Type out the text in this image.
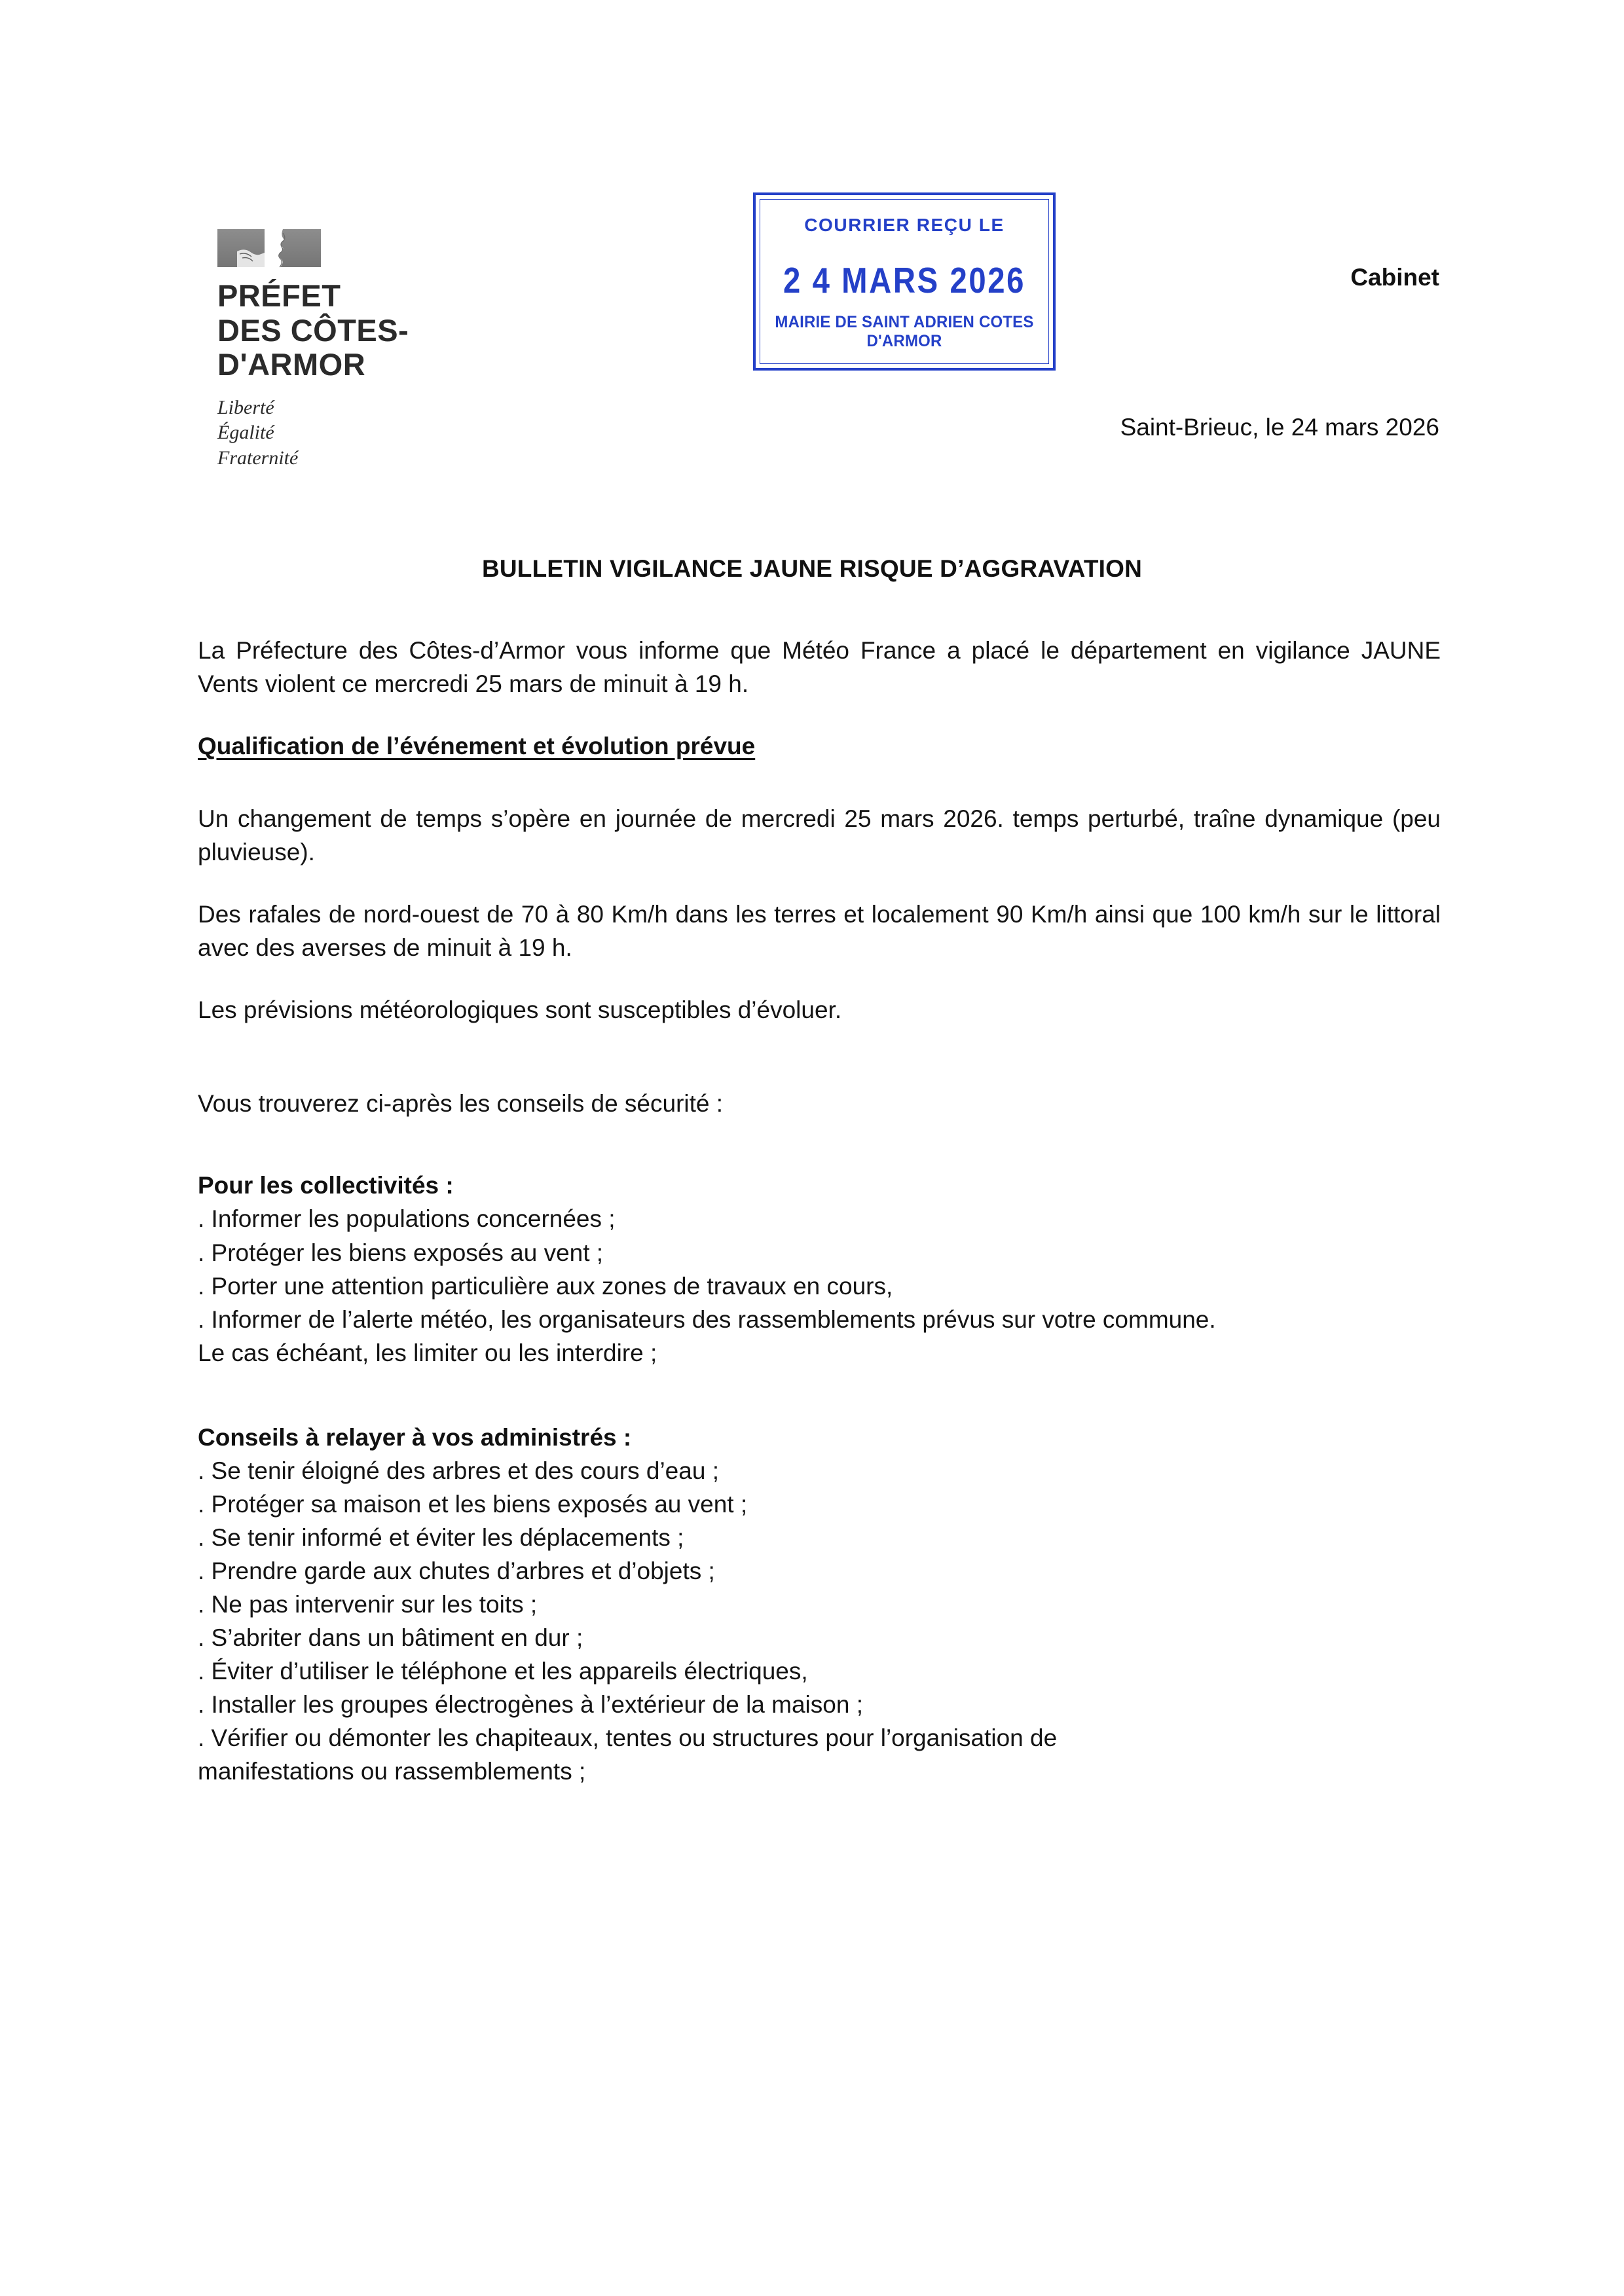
PRÉFET
DES CÔTES-
D'ARMOR
Liberté
Égalité
Fraternité
COURRIER REÇU LE
2 4 MARS 2026
MAIRIE DE SAINT ADRIEN COTES D'ARMOR
Cabinet
Saint-Brieuc, le 24 mars 2026
BULLETIN VIGILANCE JAUNE RISQUE D’AGGRAVATION

La Préfecture des Côtes-d’Armor vous informe que Météo France a placé le département en vigilance JAUNE Vents violent ce mercredi 25 mars de minuit à 19 h.

Qualification de l’événement et évolution prévue

Un changement de temps s’opère en journée de mercredi 25 mars 2026. temps perturbé, traîne dynamique (peu pluvieuse).

Des rafales de nord-ouest de 70 à 80 Km/h dans les terres et localement 90 Km/h ainsi que 100 km/h sur le littoral avec des averses de minuit à 19 h.

Les prévisions météorologiques sont susceptibles d’évoluer.

Vous trouverez ci-après les conseils de sécurité :

Pour les collectivités :
. Informer les populations concernées ;
. Protéger les biens exposés au vent ;
. Porter une attention particulière aux zones de travaux en cours,
. Informer de l’alerte météo, les organisateurs des rassemblements prévus sur votre commune.
Le cas échéant, les limiter ou les interdire ;
Conseils à relayer à vos administrés :
. Se tenir éloigné des arbres et des cours d’eau ;
. Protéger sa maison et les biens exposés au vent ;
. Se tenir informé et éviter les déplacements ;
. Prendre garde aux chutes d’arbres et d’objets ;
. Ne pas intervenir sur les toits ;
. S’abriter dans un bâtiment en dur ;
. Éviter d’utiliser le téléphone et les appareils électriques,
. Installer les groupes électrogènes à l’extérieur de la maison ;
. Vérifier ou démonter les chapiteaux, tentes ou structures pour l’organisation de
manifestations ou rassemblements ;
